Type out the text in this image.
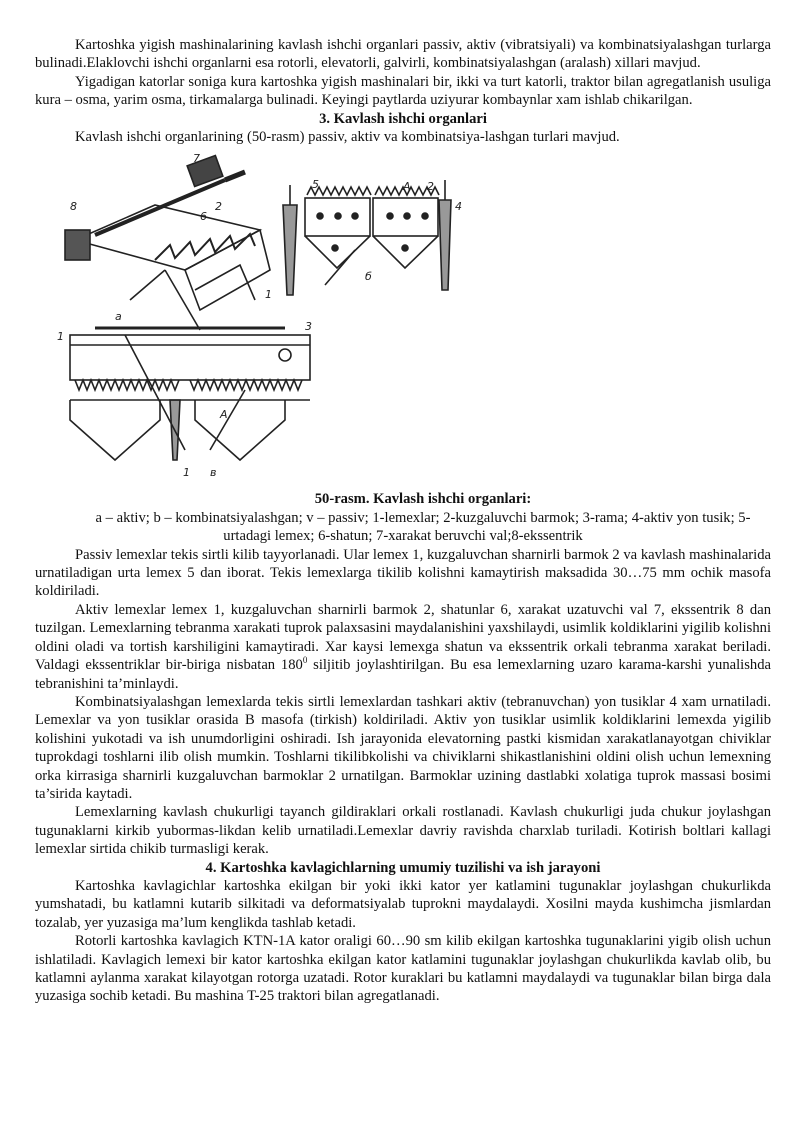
Kartoshka yigish mashinalarining kavlash ishchi organlari passiv, aktiv (vibratsiyali) va kombinatsiyalashgan turlarga bulinadi.Elaklovchi ishchi organlarni esa rotorli, elevatorli, galvirli, kombinatsiyalashgan (aralash) xillari mavjud.

Yigadigan katorlar soniga kura kartoshka yigish mashinalari bir, ikki va turt katorli, traktor bilan agregatlanish usuliga kura – osma, yarim osma, tirkamalarga bulinadi. Keyingi paytlarda uziyurar kombaynlar xam ishlab chikarilgan.

3. Kavlash ishchi organlari

Kavlash ishchi organlarining (50-rasm) passiv, aktiv va kombinatsiya-lashgan turlari mavjud.

8
7
6
2
1
a
5	A 2
4
б
1
3
A
1 в

50-rasm. Kavlash ishchi organlari:

a – aktiv; b – kombinatsiyalashgan; v – passiv; 1-lemexlar; 2-kuzgaluvchi barmok; 3-rama; 4-aktiv yon tusik; 5-urtadagi lemex; 6-shatun; 7-xarakat beruvchi val;8-ekssentrik

Passiv lemexlar tekis sirtli kilib tayyorlanadi. Ular lemex 1, kuzgaluvchan sharnirli barmok 2 va kavlash mashinalarida urnatiladigan urta lemex 5 dan iborat. Tekis lemexlarga tikilib kolishni kamaytirish maksadida 30…75 mm ochik masofa koldiriladi.

Aktiv lemexlar lemex 1, kuzgaluvchan sharnirli barmok 2, shatunlar 6, xarakat uzatuvchi val 7, ekssentrik 8 dan tuzilgan. Lemexlarning tebranma xarakati tuprok palaxsasini maydalanishini yaxshilaydi, usimlik koldiklarini yigilib kolishni oldini oladi va tortish karshiligini kamaytiradi. Xar kaysi lemexga shatun va ekssentrik orkali tebranma xarakat beriladi. Valdagi ekssentriklar bir-biriga nisbatan $180^0$ siljitib joylashtirilgan. Bu esa lemexlarning uzaro karama-karshi yunalishda tebranishini ta’minlaydi.

Kombinatsiyalashgan lemexlarda tekis sirtli lemexlardan tashkari aktiv (tebranuvchan) yon tusiklar 4 xam urnatiladi. Lemexlar va yon tusiklar orasida B masofa (tirkish) koldiriladi. Aktiv yon tusiklar usimlik koldiklarini lemexda yigilib kolishini yukotadi va ish unumdorligini oshiradi. Ish jarayonida elevatorning pastki kismidan xarakatlanayotgan chiviklar tuprokdagi toshlarni ilib olish mumkin. Toshlarni tikilibkolishi va chiviklarni shikastlanishini oldini olish uchun lemexning orka kirrasiga sharnirli kuzgaluvchan barmoklar 2 urnatilgan. Barmoklar uzining dastlabki xolatiga tuprok massasi bosimi ta’sirida kaytadi.

Lemexlarning kavlash chukurligi tayanch gildiraklari orkali rostlanadi. Kavlash chukurligi juda chukur joylashgan tugunaklarni kirkib yubormas-likdan kelib urnatiladi.Lemexlar davriy ravishda charxlab turiladi. Kotirish boltlari kallagi lemexlar sirtida chikib turmasligi kerak.

4. Kartoshka kavlagichlarning umumiy tuzilishi va ish jarayoni

Kartoshka kavlagichlar kartoshka ekilgan bir yoki ikki kator yer katlamini tugunaklar joylashgan chukurlikda yumshatadi, bu katlamni kutarib silkitadi va deformatsiyalab tuprokni maydalaydi. Xosilni mayda kushimcha jismlardan tozalab, yer yuzasiga ma’lum kenglikda tashlab ketadi.

Rotorli kartoshka kavlagich KTN-1A kator oraligi 60…90 sm kilib ekilgan kartoshka tugunaklarini yigib olish uchun ishlatiladi. Kavlagich lemexi bir kator kartoshka ekilgan kator katlamini tugunaklar joylashgan chukurlikda kavlab olib, bu katlamni aylanma xarakat kilayotgan rotorga uzatadi. Rotor kuraklari bu katlamni maydalaydi va tugunaklar bilan birga dala yuzasiga sochib ketadi. Bu mashina T-25 traktori bilan agregatlanadi.
